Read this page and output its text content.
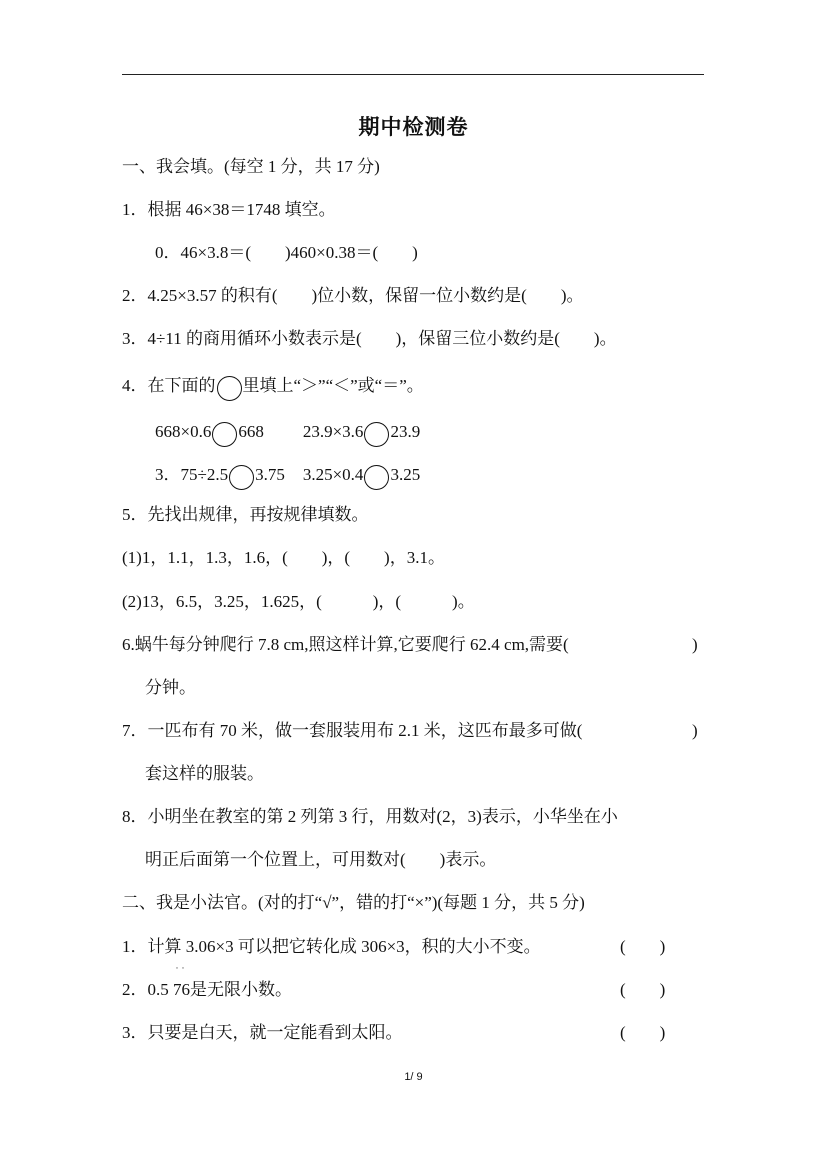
期中检测卷
一、我会填。(每空 1 分，共 17 分)
1．根据 46×38＝1748 填空。
0．46×3.8＝(　　)460×0.38＝(　　)
2．4.25×3.57 的积有(　　)位小数，保留一位小数约是(　　)。
3．4÷11 的商用循环小数表示是(　　)，保留三位小数约是(　　)。
4．在下面的 里填上“＞”“＜”或“＝”。
668×0.6 668 23.9×3.6 23.9
3．75÷2.5 3.75 3.25×0.4 3.25
5．先找出规律，再按规律填数。
(1)1，1.1，1.3，1.6，(　　)，(　　)，3.1。
(2)13，6.5，3.25，1.625，(　　　)，(　　　)。
6.蜗牛每分钟爬行 7.8 cm,照这样计算,它要爬行 62.4 cm,需要(	)
分钟。
7．一匹布有 70 米，做一套服装用布 2.1 米，这匹布最多可做(	)
套这样的服装。
8．小明坐在教室的第 2 列第 3 行，用数对(2，3)表示，小华坐在小
明正后面第一个位置上，可用数对(　　)表示。
二、我是小法官。(对的打“√”，错的打“×”)(每题 1 分，共 5 分)
1．计算 3.06×3 可以把它转化成 306×3，积的大小不变。	(　　)
2．0.5
··
76是无限小数。	(　　)
3．只要是白天，就一定能看到太阳。	(　　)
1/ 9
